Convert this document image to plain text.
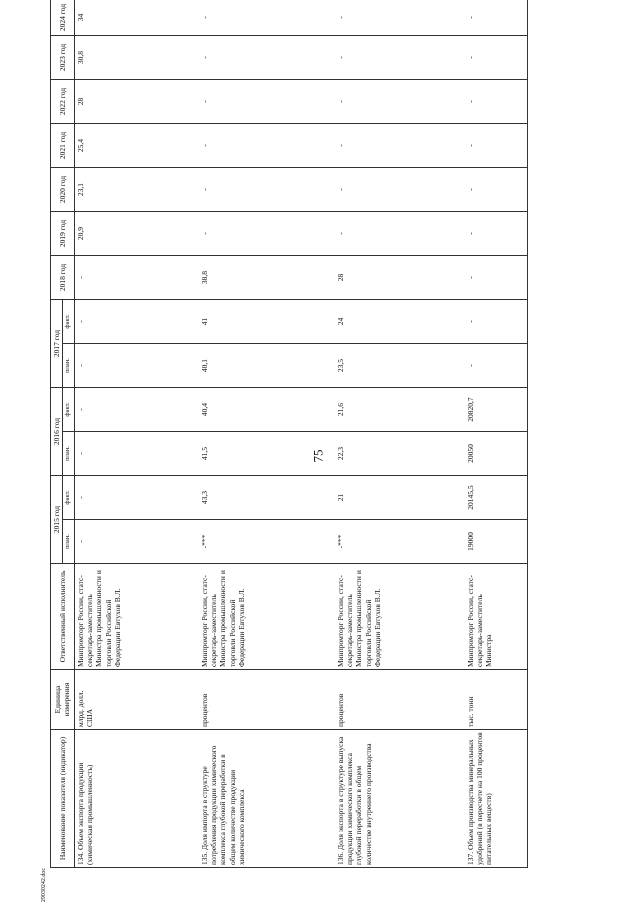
75
Наименование показателя (индикатор)	Единица измерения	Ответственный исполнитель	2015 год		2016 год		2017 год		2018 год	2019 год	2020 год	2021 год	2022 год	2023 год	2024 год
			план.	факт.	план.	факт.	план.	факт.							
134. Объем экспорта продукции (химическая промышленность)	млрд. долл. США	Минпромторг России, статс-секретарь-заместитель Министра промышленности и торговли Российской Федерации Евтухов В.Л.	-	-	-	-	-	-	-	20,9	23,1	25,4	28	30,8	34
135. Доля импорта в структуре потребления продукции химического комплекса глубокой переработки в общем количестве продукции химического комплекса	процентов	Минпромторг России, статс-секретарь-заместитель Министра промышленности и торговли Российской Федерации Евтухов В.Л.	-***	43,3	41,5	40,4	40,1	41	38,8	-	-	-	-	-	-
136. Доля экспорта в структуре выпуска продукции химического комплекса глубокой переработки в общем количестве внутреннего производства	процентов	Минпромторг России, статс-секретарь-заместитель Министра промышленности и торговли Российской Федерации Евтухов В.Л.	-***	21	22,3	21,6	23,5	24	28	-	-	-	-	-	-
137. Объем производства минеральных удобрений (в пересчете на 100 процентов питательных веществ)	тыс. тонн	Минпромторг России, статс-секретарь-заместитель Министра	19000	20145,5	20050	20820,7	-	-	-	-	-	-	-	-	-
29030242.doc
